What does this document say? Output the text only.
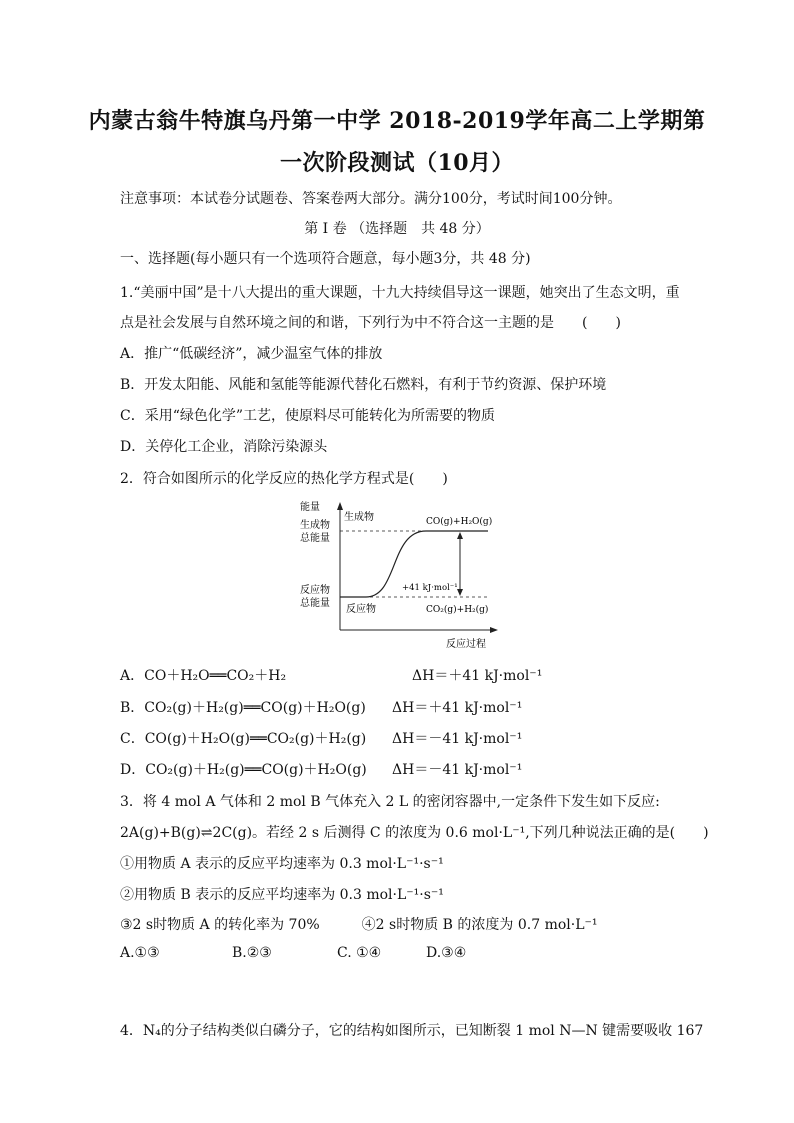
内蒙古翁牛特旗乌丹第一中学 2018-2019学年高二上学期第
一次阶段测试（10月）
注意事项：本试卷分试题卷、答案卷两大部分。满分100分，考试时间100分钟。
第 I 卷 （选择题　共 48 分）
一、选择题(每小题只有一个选项符合题意，每小题3分，共 48 分)
1.“美丽中国”是十八大提出的重大课题，十九大持续倡导这一课题，她突出了生态文明，重
点是社会发展与自然环境之间的和谐，下列行为中不符合这一主题的是　　(　　)
A．推广“低碳经济”，减少温室气体的排放
B．开发太阳能、风能和氢能等能源代替化石燃料，有利于节约资源、保护环境
C．采用“绿色化学”工艺，使原料尽可能转化为所需要的物质
D．关停化工企业，消除污染源头
2．符合如图所示的化学反应的热化学方程式是(　　)
能量
生成物
总能量
反应物
总能量
生成物
反应物
CO(g)+H₂O(g)
CO₂(g)+H₂(g)
+41 kJ·mol⁻¹
反应过程
A．CO＋H₂O══CO₂＋H₂	ΔH＝＋41 kJ·mol⁻¹
B．CO₂(g)＋H₂(g)══CO(g)＋H₂O(g)	ΔH＝＋41 kJ·mol⁻¹
C．CO(g)＋H₂O(g)══CO₂(g)＋H₂(g)	ΔH＝－41 kJ·mol⁻¹
D．CO₂(g)＋H₂(g)══CO(g)＋H₂O(g)	ΔH＝－41 kJ·mol⁻¹
3．将 4 mol A 气体和 2 mol B 气体充入 2 L 的密闭容器中,一定条件下发生如下反应:
2A(g)+B(g)⇌2C(g)。若经 2 s 后测得 C 的浓度为 0.6 mol·L⁻¹,下列几种说法正确的是(　　)
①用物质 A 表示的反应平均速率为 0.3 mol·L⁻¹·s⁻¹
②用物质 B 表示的反应平均速率为 0.3 mol·L⁻¹·s⁻¹
③2 s时物质 A 的转化率为 70%　　　④2 s时物质 B 的浓度为 0.7 mol·L⁻¹
A.①③	B.②③	C. ①④	D.③④
4．N₄的分子结构类似白磷分子，它的结构如图所示，已知断裂 1 mol N—N 键需要吸收 167
